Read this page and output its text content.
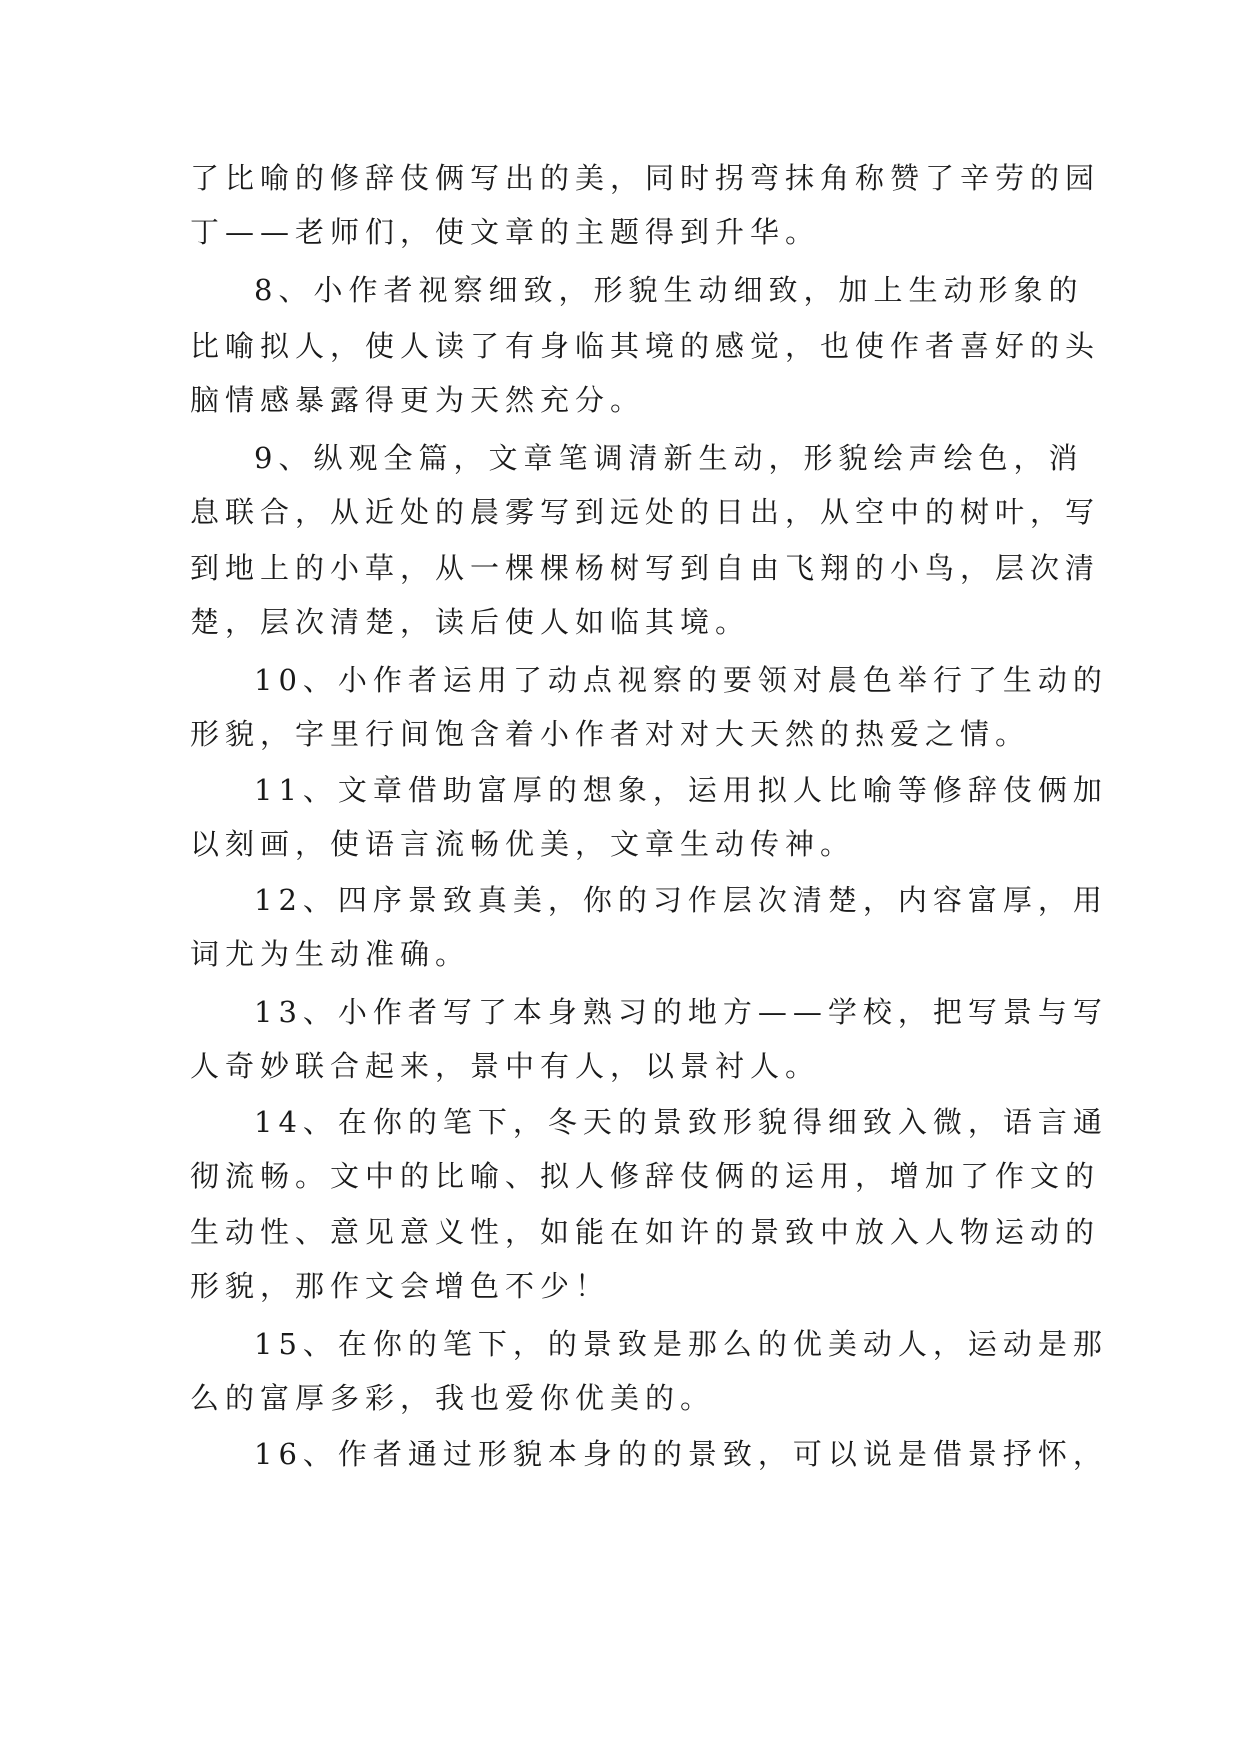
了比喻的修辞伎俩写出的美，同时拐弯抹角称赞了辛劳的园
丁——老师们，使文章的主题得到升华。
8、小作者视察细致，形貌生动细致，加上生动形象的
比喻拟人，使人读了有身临其境的感觉，也使作者喜好的头
脑情感暴露得更为天然充分。
9、纵观全篇，文章笔调清新生动，形貌绘声绘色，消
息联合，从近处的晨雾写到远处的日出，从空中的树叶，写
到地上的小草，从一棵棵杨树写到自由飞翔的小鸟，层次清
楚，层次清楚，读后使人如临其境。
10、小作者运用了动点视察的要领对晨色举行了生动的
形貌，字里行间饱含着小作者对对大天然的热爱之情。
11、文章借助富厚的想象，运用拟人比喻等修辞伎俩加
以刻画，使语言流畅优美，文章生动传神。
12、四序景致真美，你的习作层次清楚，内容富厚，用
词尤为生动准确。
13、小作者写了本身熟习的地方——学校，把写景与写
人奇妙联合起来，景中有人，以景衬人。
14、在你的笔下，冬天的景致形貌得细致入微，语言通
彻流畅。文中的比喻、拟人修辞伎俩的运用，增加了作文的
生动性、意见意义性，如能在如许的景致中放入人物运动的
形貌，那作文会增色不少！
15、在你的笔下，的景致是那么的优美动人，运动是那
么的富厚多彩，我也爱你优美的。
16、作者通过形貌本身的的景致，可以说是借景抒怀，
